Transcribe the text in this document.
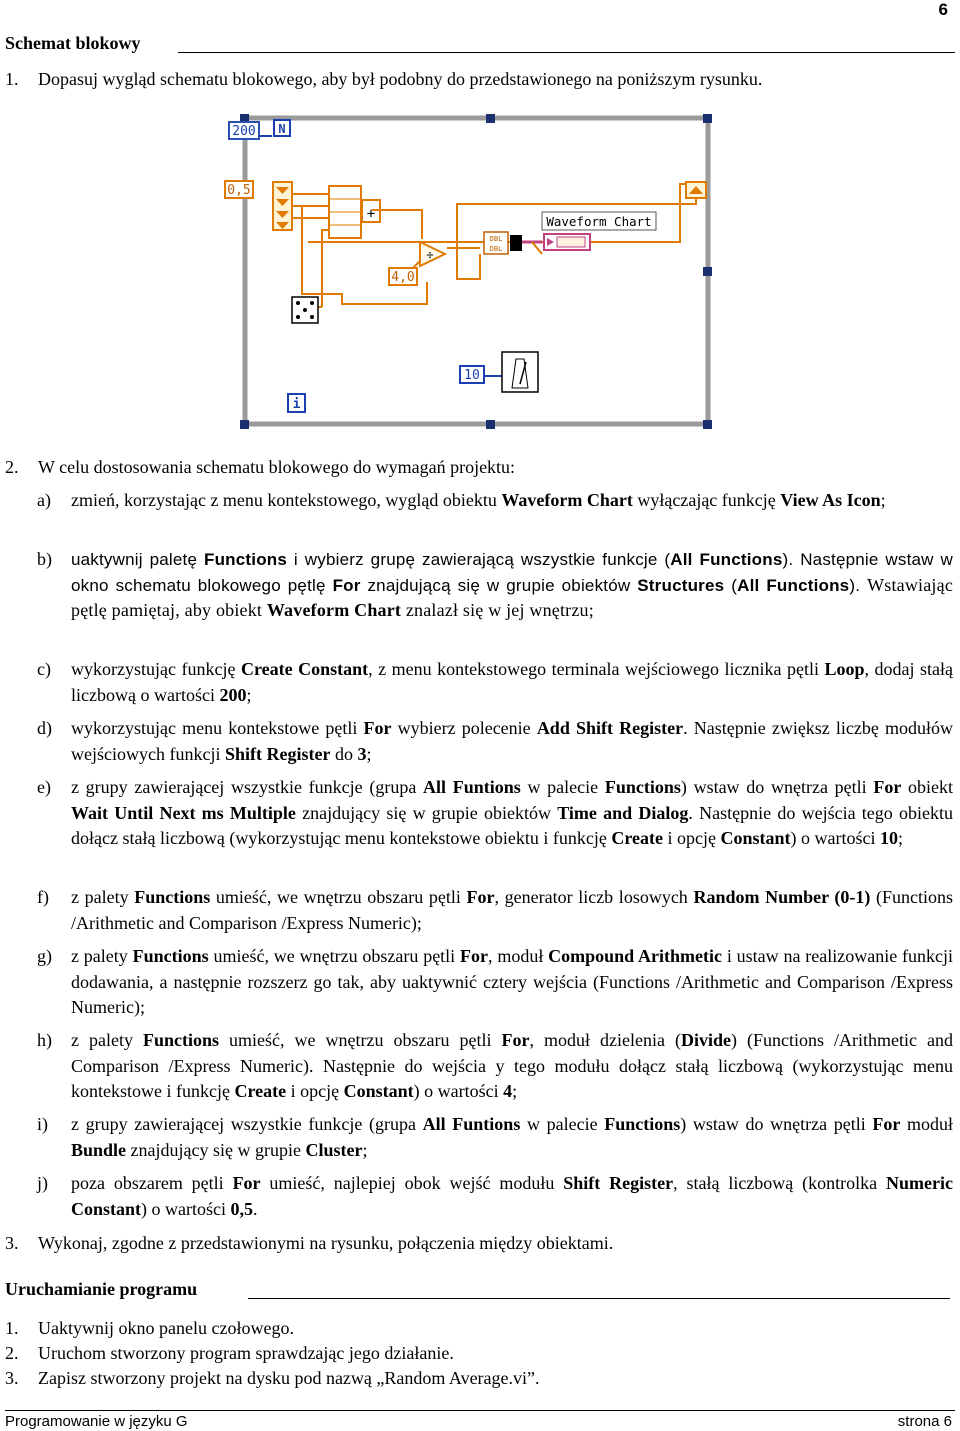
6
Schemat blokowy
1. Dopasuj wygląd schematu blokowego, aby był podobny do przedstawionego na poniższym rysunku.
200 N
0,5
+
÷
4,0
DBL
DBL
Waveform Chart
10
i
2. W celu dostosowania schematu blokowego do wymagań projektu:
a) zmień, korzystając z menu kontekstowego, wygląd obiektu Waveform Chart wyłączając funkcję View As Icon;
b) uaktywnij paletę Functions i wybierz grupę zawierającą wszystkie funkcje (All Functions). Następnie wstaw w okno schematu blokowego pętlę For znajdującą się w grupie obiektów Structures (All Functions). Wstawiając pętlę pamiętaj, aby obiekt Waveform Chart znalazł się w jej wnętrzu;
c) wykorzystując funkcję Create Constant, z menu kontekstowego terminala wejściowego licznika pętli Loop, dodaj stałą liczbową o wartości 200;
d) wykorzystując menu kontekstowe pętli For wybierz polecenie Add Shift Register. Następnie zwiększ liczbę modułów wejściowych funkcji Shift Register do 3;
e) z grupy zawierającej wszystkie funkcje (grupa All Funtions w palecie Functions) wstaw do wnętrza pętli For obiekt Wait Until Next ms Multiple znajdujący się w grupie obiektów Time and Dialog. Następnie do wejścia tego obiektu dołącz stałą liczbową (wykorzystując menu kontekstowe obiektu i funkcję Create i opcję Constant) o wartości 10;
f) z palety Functions umieść, we wnętrzu obszaru pętli For, generator liczb losowych Random Number (0-1) (Functions /Arithmetic and Comparison /Express Numeric);
g) z palety Functions umieść, we wnętrzu obszaru pętli For, moduł Compound Arithmetic i ustaw na realizowanie funkcji dodawania, a następnie rozszerz go tak, aby uaktywnić cztery wejścia (Functions /Arithmetic and Comparison /Express Numeric);
h) z palety Functions umieść, we wnętrzu obszaru pętli For, moduł dzielenia (Divide) (Functions /Arithmetic and Comparison /Express Numeric). Następnie do wejścia y tego modułu dołącz stałą liczbową (wykorzystując menu kontekstowe i funkcję Create i opcję Constant) o wartości 4;
i) z grupy zawierającej wszystkie funkcje (grupa All Funtions w palecie Functions) wstaw do wnętrza pętli For moduł Bundle znajdujący się w grupie Cluster;
j) poza obszarem pętli For umieść, najlepiej obok wejść modułu Shift Register, stałą liczbową (kontrolka Numeric Constant) o wartości 0,5.
3. Wykonaj, zgodne z przedstawionymi na rysunku, połączenia między obiektami.
Uruchamianie programu
1. Uaktywnij okno panelu czołowego.
2. Uruchom stworzony program sprawdzając jego działanie.
3. Zapisz stworzony projekt na dysku pod nazwą „Random Average.vi”.
Programowanie w języku G	strona 6
